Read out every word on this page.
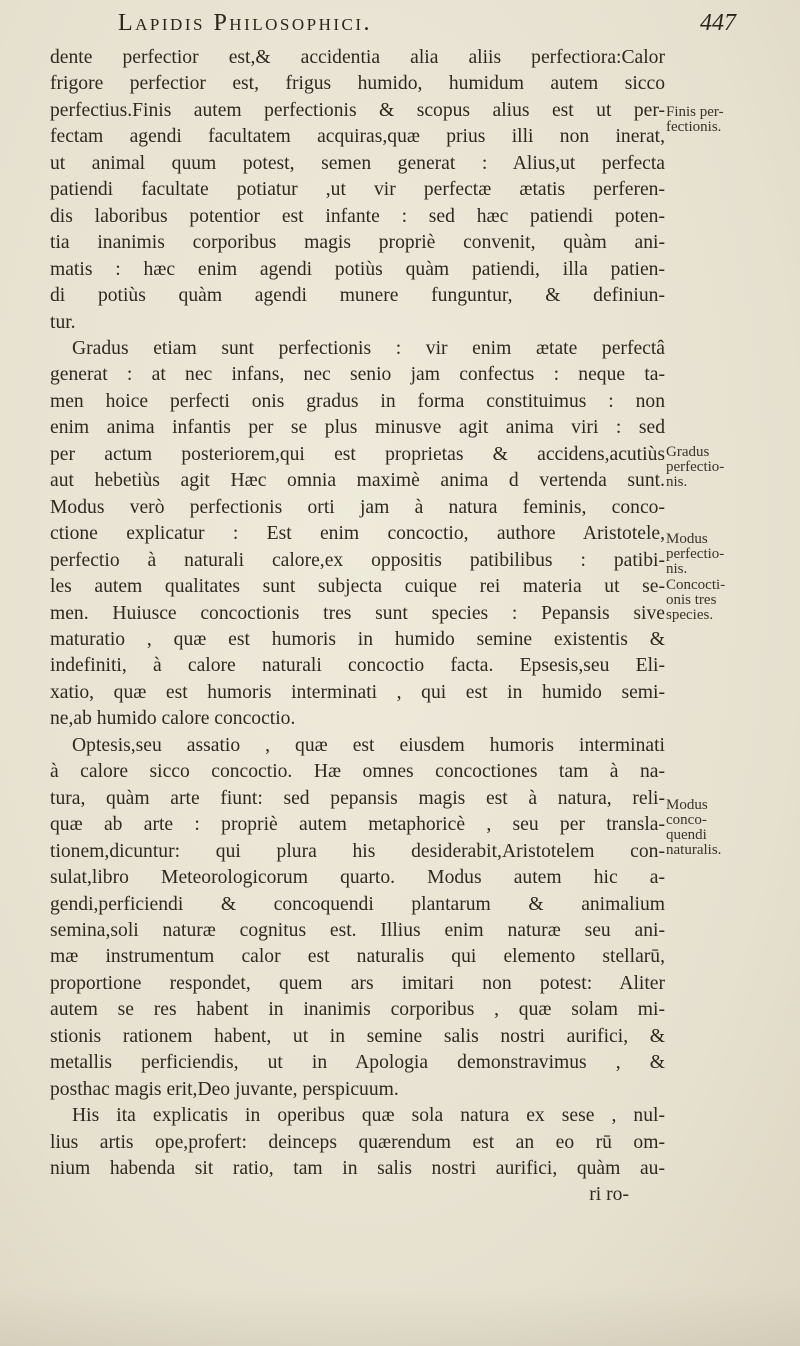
Lapidis Philosophici.	447
dente perfectior est,& accidentia alia aliis perfectiora:Calor
frigore perfectior est, frigus humido, humidum autem sicco
perfectius.Finis autem perfectionis & scopus alius est ut per-
fectam agendi facultatem acquiras,quæ prius illi non inerat,
ut animal quum potest, semen generat : Alius,ut perfecta
patiendi facultate potiatur ,ut vir perfectæ ætatis perferen-
dis laboribus potentior est infante : sed hæc patiendi poten-
tia inanimis corporibus magis propriè convenit, quàm ani-
matis : hæc enim agendi potiùs quàm patiendi, illa patien-
di potiùs quàm agendi munere funguntur, & definiun-
tur.
Gradus etiam sunt perfectionis : vir enim ætate perfectâ
generat : at nec infans, nec senio jam confectus : neque ta-
men hoice perfecti onis gradus in forma constituimus : non
enim anima infantis per se plus minusve agit anima viri : sed
per actum posteriorem,qui est proprietas & accidens,acutiùs
aut hebetiùs agit Hæc omnia maximè anima d vertenda sunt.
Modus verò perfectionis orti jam à natura feminis, conco-
ctione explicatur : Est enim concoctio, authore Aristotele,
perfectio à naturali calore,ex oppositis patibilibus : patibi-
les autem qualitates sunt subjecta cuique rei materia ut se-
men. Huiusce concoctionis tres sunt species : Pepansis sive
maturatio , quæ est humoris in humido semine existentis &
indefiniti, à calore naturali concoctio facta. Epsesis,seu Eli-
xatio, quæ est humoris interminati , qui est in humido semi-
ne,ab humido calore concoctio.
Optesis,seu assatio , quæ est eiusdem humoris interminati
à calore sicco concoctio. Hæ omnes concoctiones tam à na-
tura, quàm arte fiunt: sed pepansis magis est à natura, reli-
quæ ab arte : propriè autem metaphoricè , seu per transla-
tionem,dicuntur: qui plura his desiderabit,Aristotelem con-
sulat,libro Meteorologicorum quarto. Modus autem hic a-
gendi,perficiendi & concoquendi plantarum & animalium
semina,soli naturæ cognitus est. Illius enim naturæ seu ani-
mæ instrumentum calor est naturalis qui elemento stellarū,
proportione respondet, quem ars imitari non potest: Aliter
autem se res habent in inanimis corporibus , quæ solam mi-
stionis rationem habent, ut in semine salis nostri aurifici, &
metallis perficiendis, ut in Apologia demonstravimus , &
posthac magis erit,Deo juvante, perspicuum.
His ita explicatis in operibus quæ sola natura ex sese , nul-
lius artis ope,profert: deinceps quærendum est an eo rū om-
nium habenda sit ratio, tam in salis nostri aurifici, quàm au-
ri ro-
Finis per-
fectionis.
Gradus
perfectio-
nis.
Modus
perfectio-
nis.
Concocti-
onis tres
species.
Modus
conco-
quendi
naturalis.
